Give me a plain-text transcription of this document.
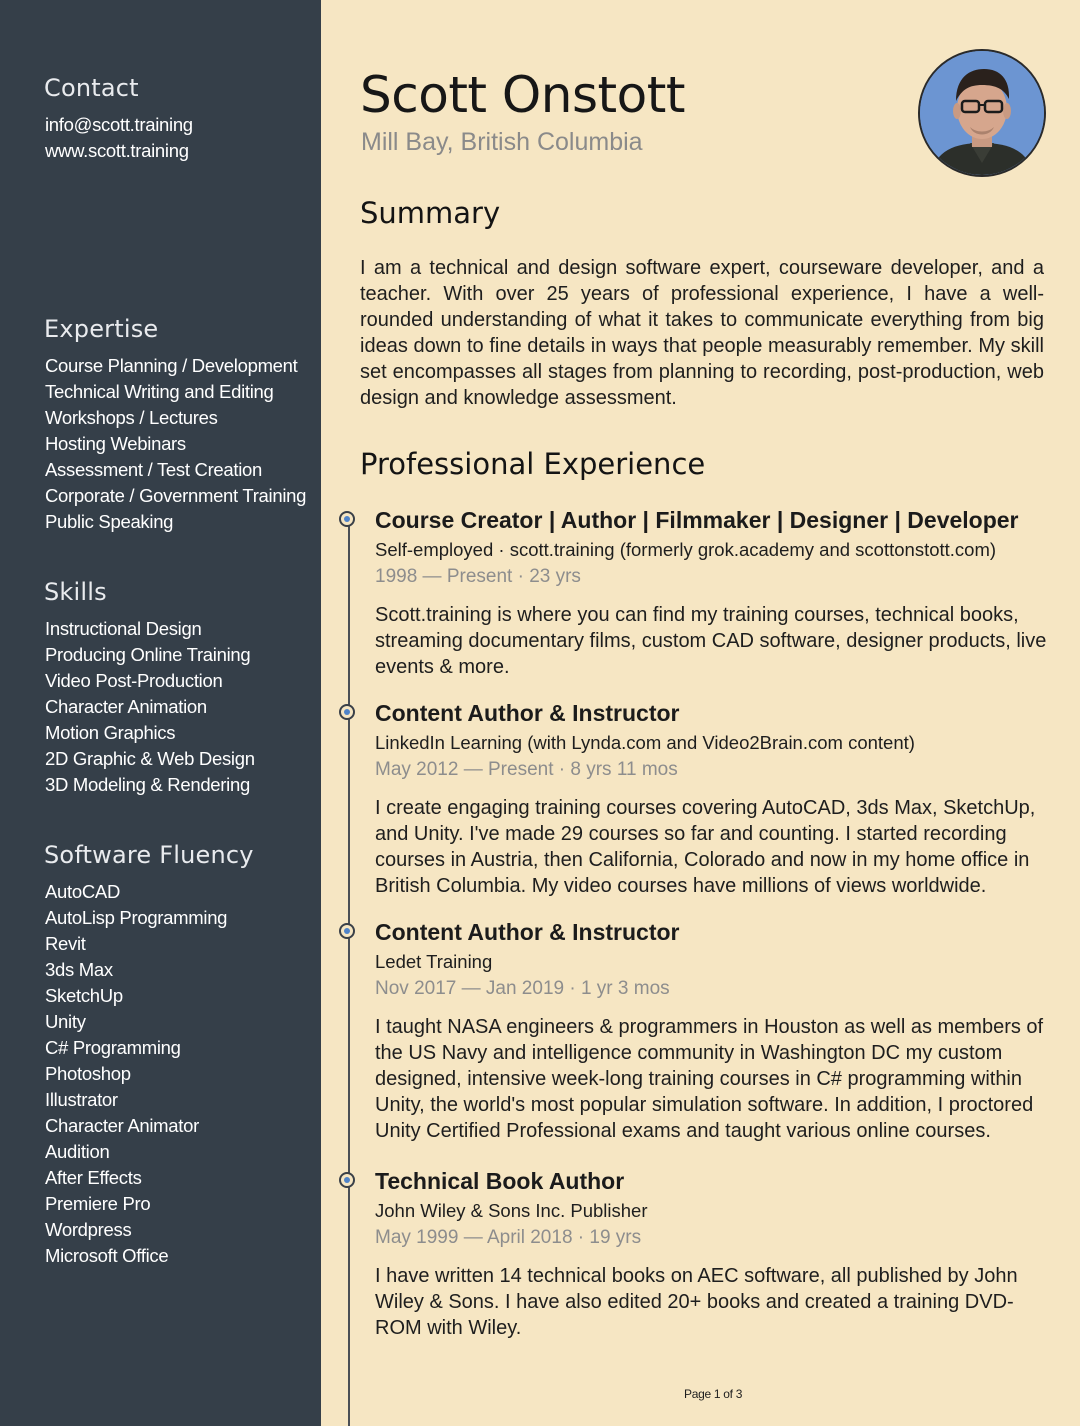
Contact
info@scott.training
www.scott.training
Expertise
Course Planning / Development
Technical Writing and Editing
Workshops / Lectures
Hosting Webinars
Assessment / Test Creation
Corporate / Government Training
Public Speaking
Skills
Instructional Design
Producing Online Training
Video Post-Production
Character Animation
Motion Graphics
2D Graphic & Web Design
3D Modeling & Rendering
Software Fluency
AutoCAD
AutoLisp Programming
Revit
3ds Max
SketchUp
Unity
C# Programming
Photoshop
Illustrator
Character Animator
Audition
After Effects
Premiere Pro
Wordpress
Microsoft Office
Scott Onstott

Mill Bay, British Columbia

Summary

I am a technical and design software expert, courseware developer, and a teacher. With over 25 years of professional experience, I have a well-rounded understanding of what it takes to communicate everything from big ideas down to fine details in ways that people measurably remember. My skill set encompasses all stages from planning to recording, post-production, web design and knowledge assessment.

Professional Experience
Course Creator | Author | Filmmaker | Designer | Developer

Self-employed · scott.training (formerly grok.academy and scottonstott.com)

1998 — Present · 23 yrs

Scott.training is where you can find my training courses, technical books, streaming documentary films, custom CAD software, designer products, live events & more.

Content Author & Instructor

LinkedIn Learning (with Lynda.com and Video2Brain.com content)

May 2012 — Present · 8 yrs 11 mos

I create engaging training courses covering AutoCAD, 3ds Max, SketchUp, and Unity. I've made 29 courses so far and counting. I started recording courses in Austria, then California, Colorado and now in my home office in British Columbia. My video courses have millions of views worldwide.

Content Author & Instructor

Ledet Training

Nov 2017 — Jan 2019 · 1 yr 3 mos

I taught NASA engineers & programmers in Houston as well as members of the US Navy and intelligence community in Washington DC my custom designed, intensive week-long training courses in C# programming within Unity, the world's most popular simulation software. In addition, I proctored Unity Certified Professional exams and taught various online courses.

Technical Book Author

John Wiley & Sons Inc. Publisher

May 1999 — April 2018 · 19 yrs

I have written 14 technical books on AEC software, all published by John Wiley & Sons. I have also edited 20+ books and created a training DVD-ROM with Wiley.

Page 1 of 3
